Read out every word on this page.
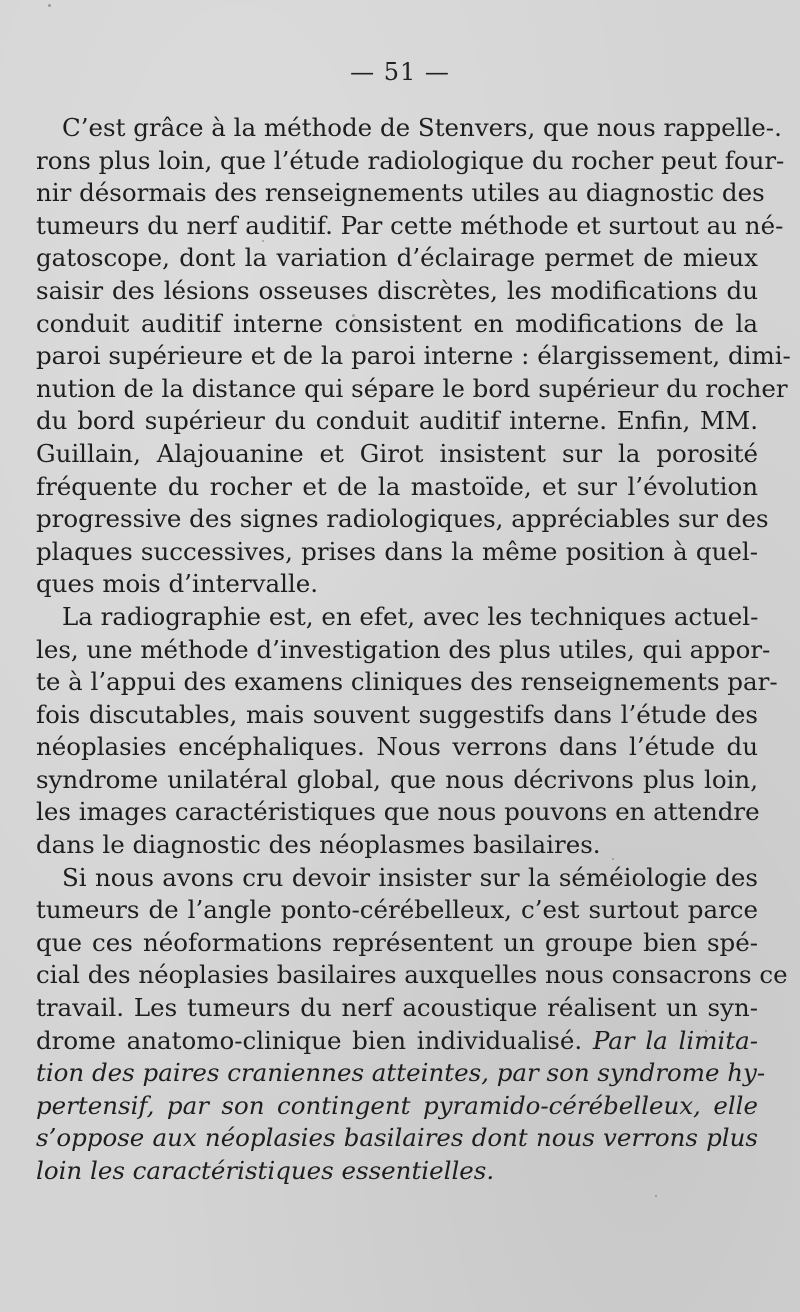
— 51 —
C’est grâce à la méthode de Stenvers, que nous rappelle-.
rons plus loin, que l’étude radiologique du rocher peut four-
nir désormais des renseignements utiles au diagnostic des
tumeurs du nerf auditif. Par cette méthode et surtout au né-
gatoscope, dont la variation d’éclairage permet de mieux
saisir des lésions osseuses discrètes, les modifications du
conduit auditif interne consistent en modifications de la
paroi supérieure et de la paroi interne : élargissement, dimi-
nution de la distance qui sépare le bord supérieur du rocher
du bord supérieur du conduit auditif interne. Enfin, MM.
Guillain, Alajouanine et Girot insistent sur la porosité
fréquente du rocher et de la mastoïde, et sur l’évolution
progressive des signes radiologiques, appréciables sur des
plaques successives, prises dans la même position à quel-
ques mois d’intervalle.
La radiographie est, en efet, avec les techniques actuel-
les, une méthode d’investigation des plus utiles, qui appor-
te à l’appui des examens cliniques des renseignements par-
fois discutables, mais souvent suggestifs dans l’étude des
néoplasies encéphaliques. Nous verrons dans l’étude du
syndrome unilatéral global, que nous décrivons plus loin,
les images caractéristiques que nous pouvons en attendre
dans le diagnostic des néoplasmes basilaires.
Si nous avons cru devoir insister sur la séméiologie des
tumeurs de l’angle ponto-cérébelleux, c’est surtout parce
que ces néoformations représentent un groupe bien spé-
cial des néoplasies basilaires auxquelles nous consacrons ce
travail. Les tumeurs du nerf acoustique réalisent un syn-
drome anatomo-clinique bien individualisé. Par la limita-
tion des paires craniennes atteintes, par son syndrome hy-
pertensif, par son contingent pyramido-cérébelleux, elle
s’oppose aux néoplasies basilaires dont nous verrons plus
loin les caractéristiques essentielles.
